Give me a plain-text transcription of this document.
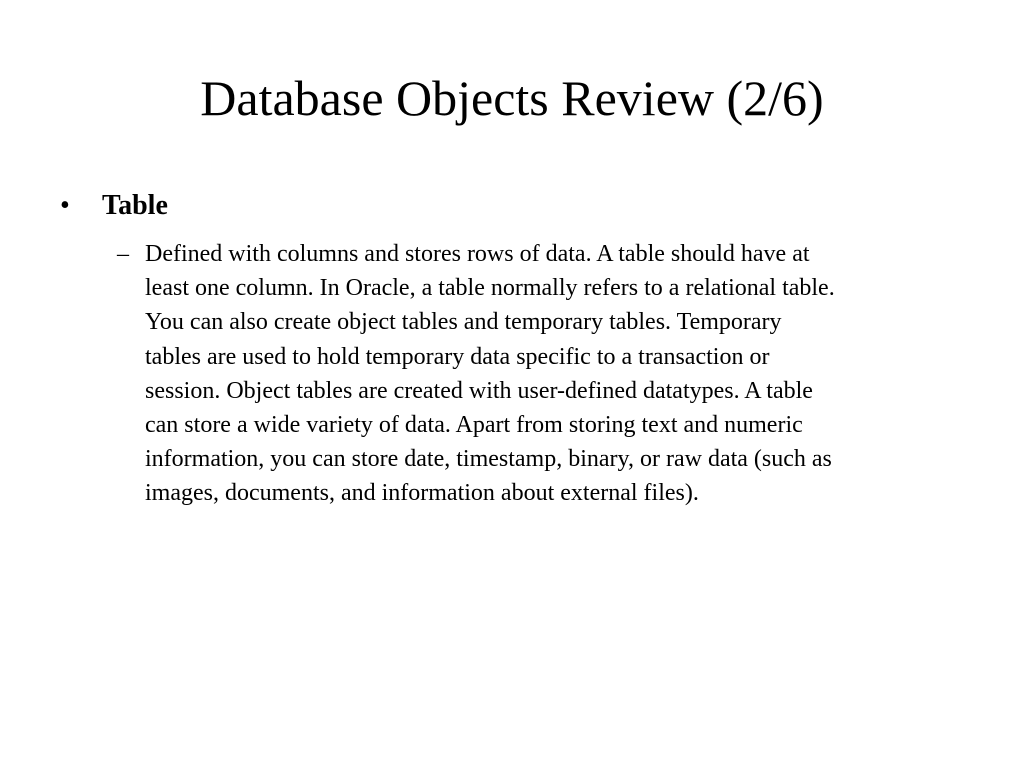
Database Objects Review (2/6)
•	Table
– Defined with columns and stores rows of data. A table should have at
least one column. In Oracle, a table normally refers to a relational table.
You can also create object tables and temporary tables. Temporary
tables are used to hold temporary data specific to a transaction or
session. Object tables are created with user-defined datatypes. A table
can store a wide variety of data. Apart from storing text and numeric
information, you can store date, timestamp, binary, or raw data (such as
images, documents, and information about external files).
